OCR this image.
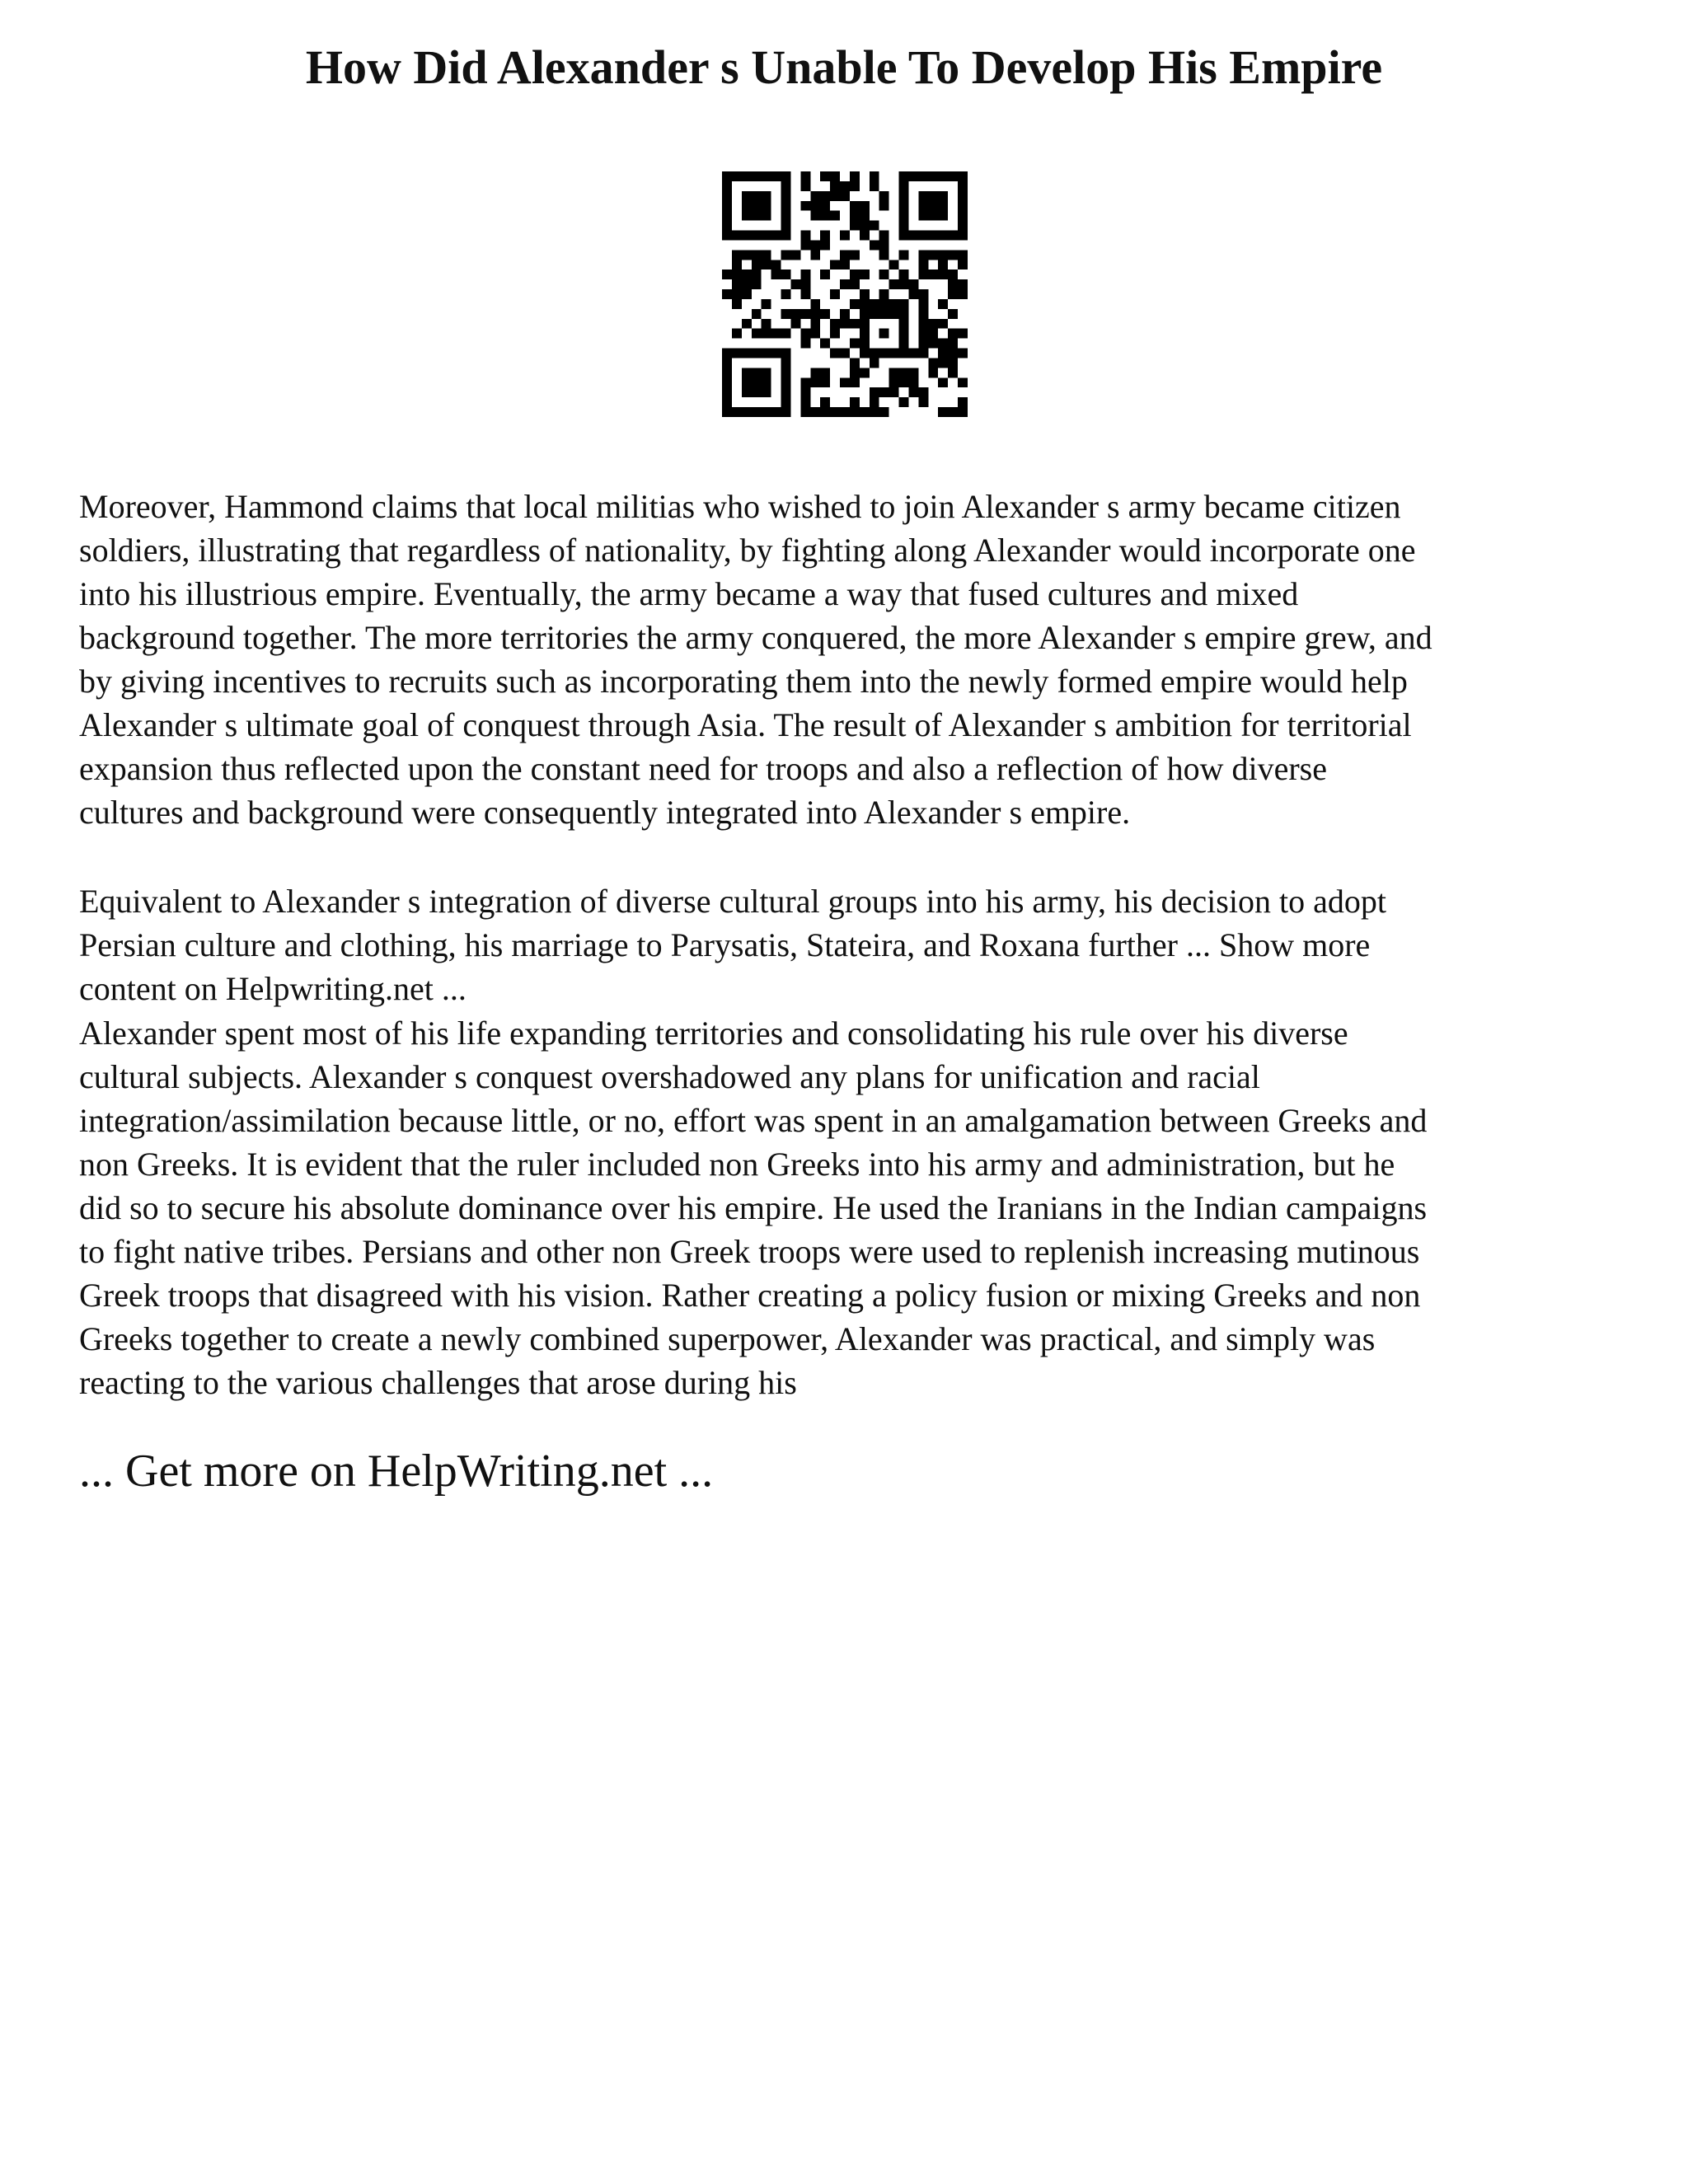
How Did Alexander s Unable To Develop His Empire

Moreover, Hammond claims that local militias who wished to join Alexander s army became citizen
soldiers, illustrating that regardless of nationality, by fighting along Alexander would incorporate one
into his illustrious empire. Eventually, the army became a way that fused cultures and mixed
background together. The more territories the army conquered, the more Alexander s empire grew, and
by giving incentives to recruits such as incorporating them into the newly formed empire would help
Alexander s ultimate goal of conquest through Asia. The result of Alexander s ambition for territorial
expansion thus reflected upon the constant need for troops and also a reflection of how diverse
cultures and background were consequently integrated into Alexander s empire.

Equivalent to Alexander s integration of diverse cultural groups into his army, his decision to adopt
Persian culture and clothing, his marriage to Parysatis, Stateira, and Roxana further ... Show more
content on Helpwriting.net ...

Alexander spent most of his life expanding territories and consolidating his rule over his diverse
cultural subjects. Alexander s conquest overshadowed any plans for unification and racial
integration/assimilation because little, or no, effort was spent in an amalgamation between Greeks and
non Greeks. It is evident that the ruler included non Greeks into his army and administration, but he
did so to secure his absolute dominance over his empire. He used the Iranians in the Indian campaigns
to fight native tribes. Persians and other non Greek troops were used to replenish increasing mutinous
Greek troops that disagreed with his vision. Rather creating a policy fusion or mixing Greeks and non
Greeks together to create a newly combined superpower, Alexander was practical, and simply was
reacting to the various challenges that arose during his

... Get more on HelpWriting.net ...
